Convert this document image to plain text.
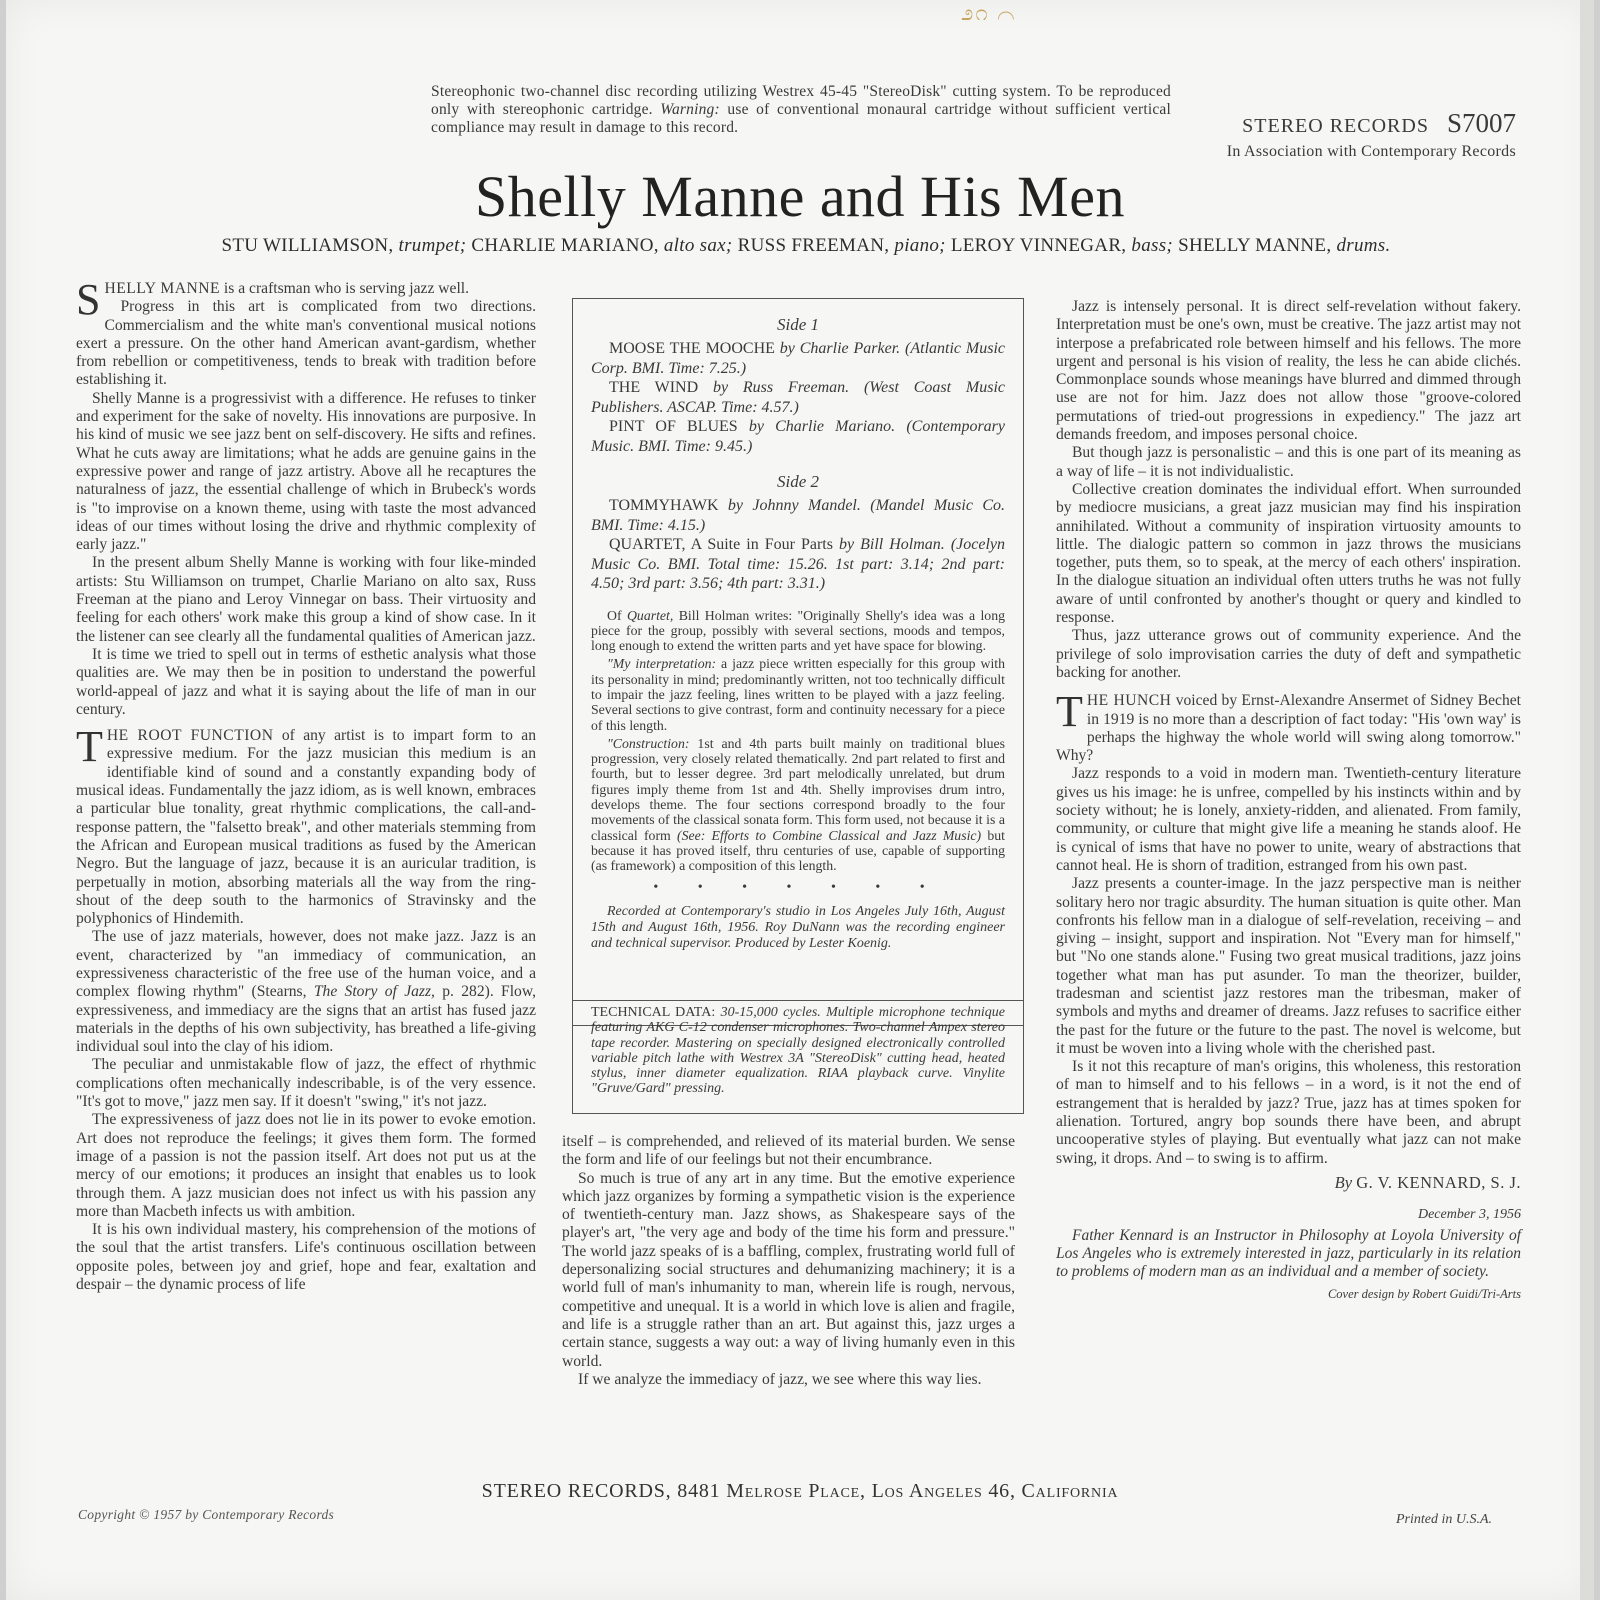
೨೧ ⌒
Stereophonic two-channel disc recording utilizing Westrex 45-45 "StereoDisk" cutting system. To be reproduced only with stereophonic cartridge. Warning: use of conventional monaural cartridge without sufficient vertical compliance may result in damage to this record.	STEREO RECORDS S7007
In Association with Contemporary Records
Shelly Manne and His Men
STU WILLIAMSON, trumpet; CHARLIE MARIANO, alto sax; RUSS FREEMAN, piano; LEROY VINNEGAR, bass; SHELLY MANNE, drums.

SHELLY MANNE is a craftsman who is serving jazz well.

Progress in this art is complicated from two directions. Commercialism and the white man's conventional musical notions exert a pressure. On the other hand American avant-gardism, whether from rebellion or competitiveness, tends to break with tradition before establishing it.

Shelly Manne is a progressivist with a difference. He refuses to tinker and experiment for the sake of novelty. His innovations are purposive. In his kind of music we see jazz bent on self-discovery. He sifts and refines. What he cuts away are limitations; what he adds are genuine gains in the expressive power and range of jazz artistry. Above all he recaptures the naturalness of jazz, the essential challenge of which in Brubeck's words is "to improvise on a known theme, using with taste the most advanced ideas of our times without losing the drive and rhythmic complexity of early jazz."

In the present album Shelly Manne is working with four like-minded artists: Stu Williamson on trumpet, Charlie Mariano on alto sax, Russ Freeman at the piano and Leroy Vinnegar on bass. Their virtuosity and feeling for each others' work make this group a kind of show case. In it the listener can see clearly all the fundamental qualities of American jazz.

It is time we tried to spell out in terms of esthetic analysis what those qualities are. We may then be in position to understand the powerful world-appeal of jazz and what it is saying about the life of man in our century.

THE ROOT FUNCTION of any artist is to impart form to an expressive medium. For the jazz musician this medium is an identifiable kind of sound and a constantly expanding body of musical ideas. Fundamentally the jazz idiom, as is well known, embraces a particular blue tonality, great rhythmic complications, the call-and-response pattern, the "falsetto break", and other materials stemming from the African and European musical traditions as fused by the American Negro. But the language of jazz, because it is an auricular tradition, is perpetually in motion, absorbing materials all the way from the ring-shout of the deep south to the harmonics of Stravinsky and the polyphonics of Hindemith.

The use of jazz materials, however, does not make jazz. Jazz is an event, characterized by "an immediacy of communication, an expressiveness characteristic of the free use of the human voice, and a complex flowing rhythm" (Stearns, The Story of Jazz, p. 282). Flow, expressiveness, and immediacy are the signs that an artist has fused jazz materials in the depths of his own subjectivity, has breathed a life-giving individual soul into the clay of his idiom.

The peculiar and unmistakable flow of jazz, the effect of rhythmic complications often mechanically indescribable, is of the very essence. "It's got to move," jazz men say. If it doesn't "swing," it's not jazz.

The expressiveness of jazz does not lie in its power to evoke emotion. Art does not reproduce the feelings; it gives them form. The formed image of a passion is not the passion itself. Art does not put us at the mercy of our emotions; it produces an insight that enables us to look through them. A jazz musician does not infect us with his passion any more than Macbeth infects us with ambition.

It is his own individual mastery, his comprehension of the motions of the soul that the artist transfers. Life's continuous oscillation between opposite poles, between joy and grief, hope and fear, exaltation and despair – the dynamic process of life

Side 1
MOOSE THE MOOCHE by Charlie Parker. (Atlantic Music Corp. BMI. Time: 7.25.)
THE WIND by Russ Freeman. (West Coast Music Publishers. ASCAP. Time: 4.57.)
PINT OF BLUES by Charlie Mariano. (Contemporary Music. BMI. Time: 9.45.)
Side 2
TOMMYHAWK by Johnny Mandel. (Mandel Music Co. BMI. Time: 4.15.)
QUARTET, A Suite in Four Parts by Bill Holman. (Jocelyn Music Co. BMI. Total time: 15.26. 1st part: 3.14; 2nd part: 4.50; 3rd part: 3.56; 4th part: 3.31.)
Of Quartet, Bill Holman writes: "Originally Shelly's idea was a long piece for the group, possibly with several sections, moods and tempos, long enough to extend the written parts and yet have space for blowing.
"My interpretation: a jazz piece written especially for this group with its personality in mind; predominantly written, not too technically difficult to impair the jazz feeling, lines written to be played with a jazz feeling. Several sections to give contrast, form and continuity necessary for a piece of this length.
"Construction: 1st and 4th parts built mainly on traditional blues progression, very closely related thematically. 2nd part related to first and fourth, but to lesser degree. 3rd part melodically unrelated, but drum figures imply theme from 1st and 4th. Shelly improvises drum intro, develops theme. The four sections correspond broadly to the four movements of the classical sonata form. This form used, not because it is a classical form (See: Efforts to Combine Classical and Jazz Music) but because it has proved itself, thru centuries of use, capable of supporting (as framework) a composition of this length.
• • • • • • •
Recorded at Contemporary's studio in Los Angeles July 16th, August 15th and August 16th, 1956. Roy DuNann was the recording engineer and technical supervisor. Produced by Lester Koenig.
TECHNICAL DATA: 30-15,000 cycles. Multiple microphone technique featuring AKG C-12 condenser microphones. Two-channel Ampex stereo tape recorder. Mastering on specially designed electronically controlled variable pitch lathe with Westrex 3A "StereoDisk" cutting head, heated stylus, inner diameter equalization. RIAA playback curve. Vinylite "Gruve/Gard" pressing.

itself – is comprehended, and relieved of its material burden. We sense the form and life of our feelings but not their encumbrance.

So much is true of any art in any time. But the emotive experience which jazz organizes by forming a sympathetic vision is the experience of twentieth-century man. Jazz shows, as Shakespeare says of the player's art, "the very age and body of the time his form and pressure." The world jazz speaks of is a baffling, complex, frustrating world full of depersonalizing social structures and dehumanizing machinery; it is a world full of man's inhumanity to man, wherein life is rough, nervous, competitive and unequal. It is a world in which love is alien and fragile, and life is a struggle rather than an art. But against this, jazz urges a certain stance, suggests a way out: a way of living humanly even in this world.

If we analyze the immediacy of jazz, we see where this way lies.

Jazz is intensely personal. It is direct self-revelation without fakery. Interpretation must be one's own, must be creative. The jazz artist may not interpose a prefabricated role between himself and his fellows. The more urgent and personal is his vision of reality, the less he can abide clichés. Commonplace sounds whose meanings have blurred and dimmed through use are not for him. Jazz does not allow those "groove-colored permutations of tried-out progressions in expediency." The jazz art demands freedom, and imposes personal choice.

But though jazz is personalistic – and this is one part of its meaning as a way of life – it is not individualistic.

Collective creation dominates the individual effort. When surrounded by mediocre musicians, a great jazz musician may find his inspiration annihilated. Without a community of inspiration virtuosity amounts to little. The dialogic pattern so common in jazz throws the musicians together, puts them, so to speak, at the mercy of each others' inspiration. In the dialogue situation an individual often utters truths he was not fully aware of until confronted by another's thought or query and kindled to response.

Thus, jazz utterance grows out of community experience. And the privilege of solo improvisation carries the duty of deft and sympathetic backing for another.

THE HUNCH voiced by Ernst-Alexandre Ansermet of Sidney Bechet in 1919 is no more than a description of fact today: "His 'own way' is perhaps the highway the whole world will swing along tomorrow." Why?

Jazz responds to a void in modern man. Twentieth-century literature gives us his image: he is unfree, compelled by his instincts within and by society without; he is lonely, anxiety-ridden, and alienated. From family, community, or culture that might give life a meaning he stands aloof. He is cynical of isms that have no power to unite, weary of abstractions that cannot heal. He is shorn of tradition, estranged from his own past.

Jazz presents a counter-image. In the jazz perspective man is neither solitary hero nor tragic absurdity. The human situation is quite other. Man confronts his fellow man in a dialogue of self-revelation, receiving – and giving – insight, support and inspiration. Not "Every man for himself," but "No one stands alone." Fusing two great musical traditions, jazz joins together what man has put asunder. To man the theorizer, builder, tradesman and scientist jazz restores man the tribesman, maker of symbols and myths and dreamer of dreams. Jazz refuses to sacrifice either the past for the future or the future to the past. The novel is welcome, but it must be woven into a living whole with the cherished past.

Is it not this recapture of man's origins, this wholeness, this restoration of man to himself and to his fellows – in a word, is it not the end of estrangement that is heralded by jazz? True, jazz has at times spoken for alienation. Tortured, angry bop sounds there have been, and abrupt uncooperative styles of playing. But eventually what jazz can not make swing, it drops. And – to swing is to affirm.

By G. V. KENNARD, S. J.
December 3, 1956
Father Kennard is an Instructor in Philosophy at Loyola University of Los Angeles who is extremely interested in jazz, particularly in its relation to problems of modern man as an individual and a member of society.
Cover design by Robert Guidi/Tri-Arts
STEREO RECORDS, 8481 Melrose Place, Los Angeles 46, California
Copyright © 1957 by Contemporary Records	Printed in U.S.A.
